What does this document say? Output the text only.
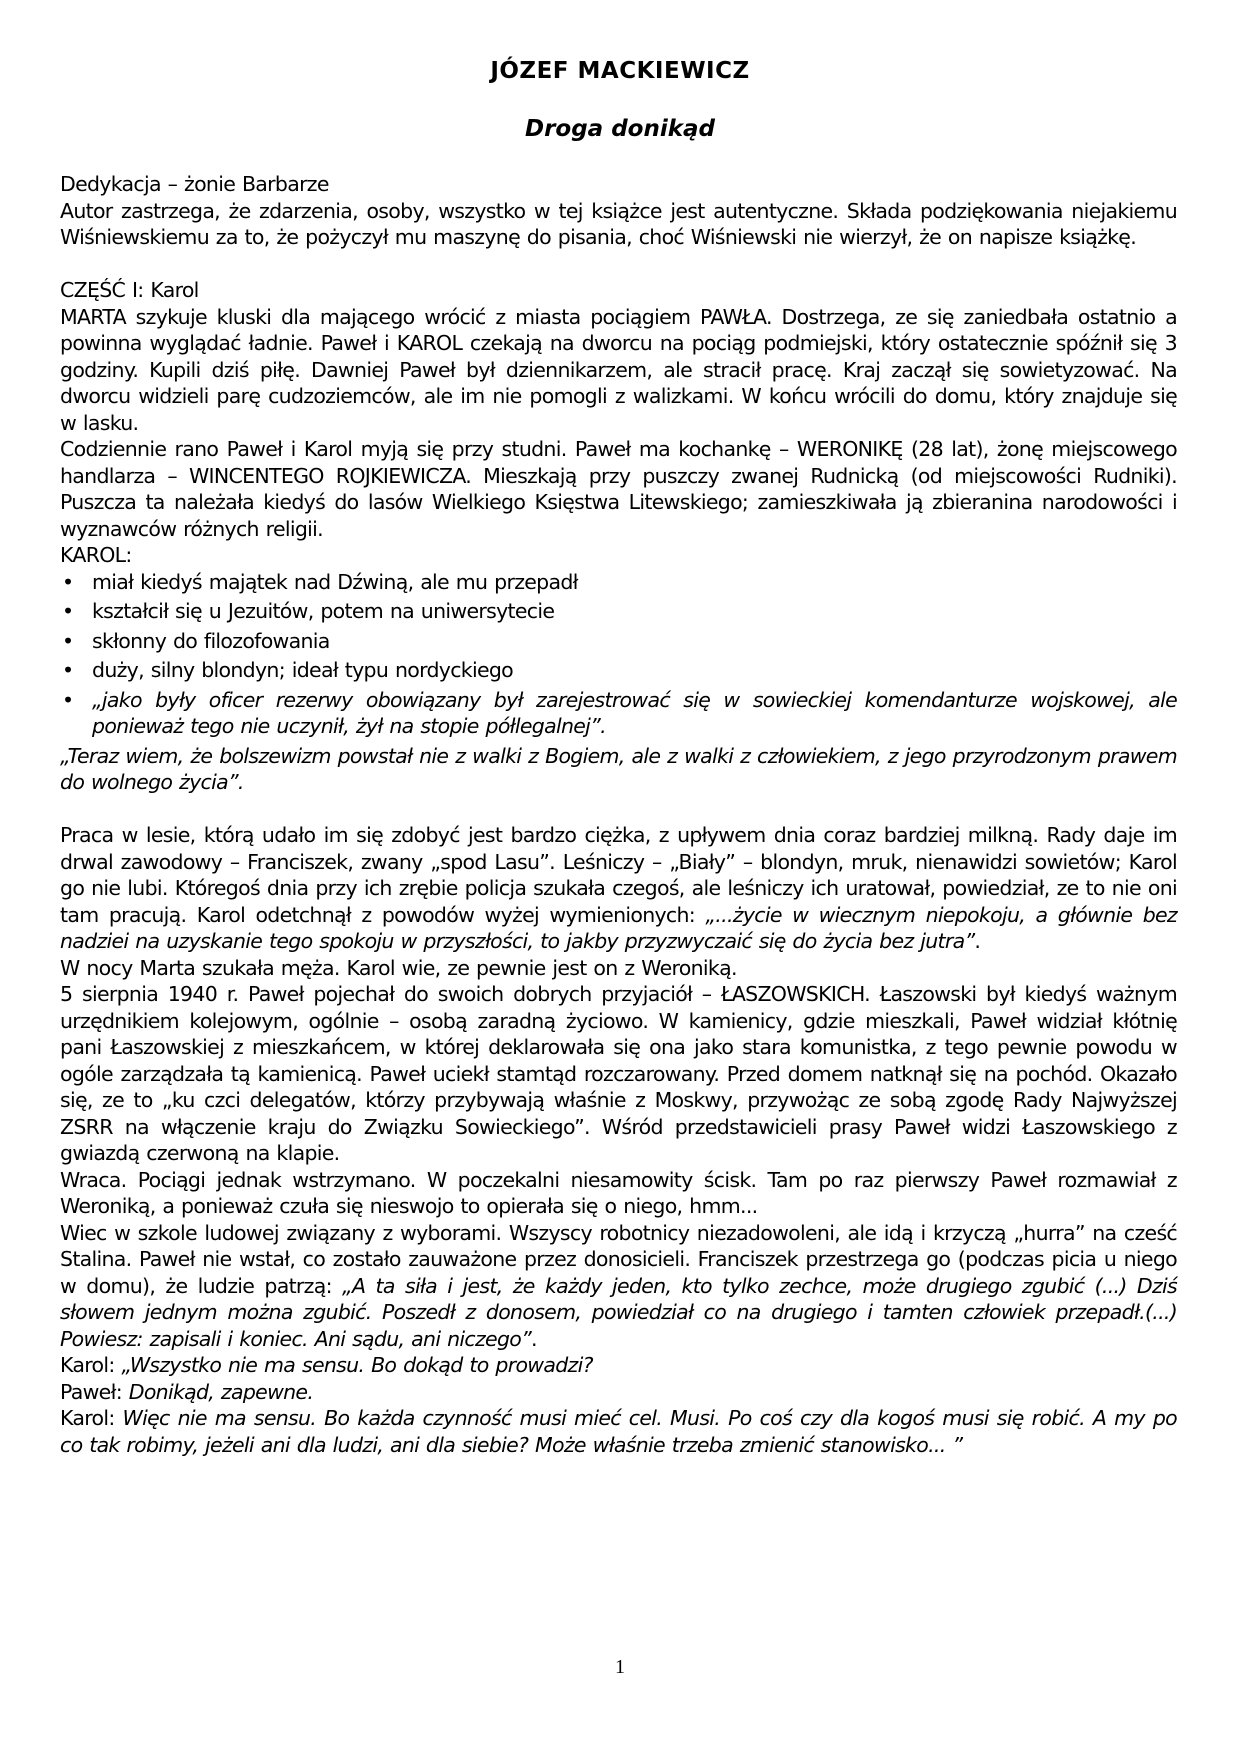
JÓZEF MACKIEWICZ
Droga donikąd

Dedykacja – żonie Barbarze

Autor zastrzega, że zdarzenia, osoby, wszystko w tej książce jest autentyczne. Składa podziękowania niejakiemu Wiśniewskiemu za to, że pożyczył mu maszynę do pisania, choć Wiśniewski nie wierzył, że on napisze książkę.

CZĘŚĆ I: Karol

MARTA szykuje kluski dla mającego wrócić z miasta pociągiem PAWŁA. Dostrzega, ze się zaniedbała ostatnio a powinna wyglądać ładnie. Paweł i KAROL czekają na dworcu na pociąg podmiejski, który ostatecznie spóźnił się 3 godziny. Kupili dziś piłę. Dawniej Paweł był dziennikarzem, ale stracił pracę. Kraj zaczął się sowietyzować. Na dworcu widzieli parę cudzoziemców, ale im nie pomogli z walizkami. W końcu wrócili do domu, który znajduje się w lasku.

Codziennie rano Paweł i Karol myją się przy studni. Paweł ma kochankę – WERONIKĘ (28 lat), żonę miejscowego handlarza – WINCENTEGO ROJKIEWICZA. Mieszkają przy puszczy zwanej Rudnicką (od miejscowości Rudniki). Puszcza ta należała kiedyś do lasów Wielkiego Księstwa Litewskiego; zamieszkiwała ją zbieranina narodowości i wyznawców różnych religii.

KAROL:

• miał kiedyś majątek nad Dźwiną, ale mu przepadł
• kształcił się u Jezuitów, potem na uniwersytecie
• skłonny do filozofowania
• duży, silny blondyn; ideał typu nordyckiego
• „jako były oficer rezerwy obowiązany był zarejestrować się w sowieckiej komendanturze wojskowej, ale ponieważ tego nie uczynił, żył na stopie półlegalnej”.

„Teraz wiem, że bolszewizm powstał nie z walki z Bogiem, ale z walki z człowiekiem, z jego przyrodzonym prawem do wolnego życia”.

Praca w lesie, którą udało im się zdobyć jest bardzo ciężka, z upływem dnia coraz bardziej milkną. Rady daje im drwal zawodowy – Franciszek, zwany „spod Lasu”. Leśniczy – „Biały” – blondyn, mruk, nienawidzi sowietów; Karol go nie lubi. Któregoś dnia przy ich zrębie policja szukała czegoś, ale leśniczy ich uratował, powiedział, ze to nie oni tam pracują. Karol odetchnął z powodów wyżej wymienionych: „...życie w wiecznym niepokoju, a głównie bez nadziei na uzyskanie tego spokoju w przyszłości, to jakby przyzwyczaić się do życia bez jutra”.

W nocy Marta szukała męża. Karol wie, ze pewnie jest on z Weroniką.

5 sierpnia 1940 r. Paweł pojechał do swoich dobrych przyjaciół – ŁASZOWSKICH. Łaszowski był kiedyś ważnym urzędnikiem kolejowym, ogólnie – osobą zaradną życiowo. W kamienicy, gdzie mieszkali, Paweł widział kłótnię pani Łaszowskiej z mieszkańcem, w której deklarowała się ona jako stara komunistka, z tego pewnie powodu w ogóle zarządzała tą kamienicą. Paweł uciekł stamtąd rozczarowany. Przed domem natknął się na pochód. Okazało się, ze to „ku czci delegatów, którzy przybywają właśnie z Moskwy, przywożąc ze sobą zgodę Rady Najwyższej ZSRR na włączenie kraju do Związku Sowieckiego”. Wśród przedstawicieli prasy Paweł widzi Łaszowskiego z gwiazdą czerwoną na klapie.

Wraca. Pociągi jednak wstrzymano. W poczekalni niesamowity ścisk. Tam po raz pierwszy Paweł rozmawiał z Weroniką, a ponieważ czuła się nieswojo to opierała się o niego, hmm...

Wiec w szkole ludowej związany z wyborami. Wszyscy robotnicy niezadowoleni, ale idą i krzyczą „hurra” na cześć Stalina. Paweł nie wstał, co zostało zauważone przez donosicieli. Franciszek przestrzega go (podczas picia u niego w domu), że ludzie patrzą: „A ta siła i jest, że każdy jeden, kto tylko zechce, może drugiego zgubić (...) Dziś słowem jednym można zgubić. Poszedł z donosem, powiedział co na drugiego i tamten człowiek przepadł.(...) Powiesz: zapisali i koniec. Ani sądu, ani niczego”.

Karol: „Wszystko nie ma sensu. Bo dokąd to prowadzi?

Paweł: Donikąd, zapewne.

Karol: Więc nie ma sensu. Bo każda czynność musi mieć cel. Musi. Po coś czy dla kogoś musi się robić. A my po co tak robimy, jeżeli ani dla ludzi, ani dla siebie? Może właśnie trzeba zmienić stanowisko... ”

1
